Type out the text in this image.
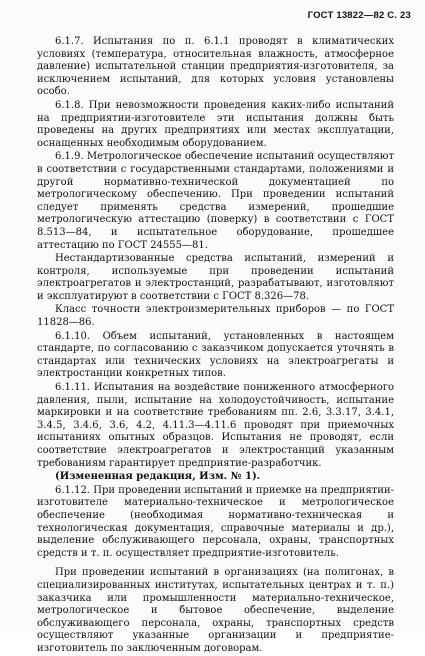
ГОСТ 13822—82 С. 23

6.1.7. Испытания по п. 6.1.1 проводят в климатических условиях (температура, относительная влажность, атмосферное давление) испытательной станции предприятия-изготовителя, за исключением испытаний, для которых условия установлены особо.

6.1.8. При невозможности проведения каких-либо испытаний на предприятии-изготовителе эти испытания должны быть проведены на других предприятиях или местах эксплуатации, оснащенных необходимым оборудованием.

6.1.9. Метрологическое обеспечение испытаний осуществляют в соответствии с государственными стандартами, положениями и другой нормативно-технической документацией по метрологическому обеспечению. При проведении испытаний следует применять средства измерений, прошедшие метрологическую аттестацию (поверку) в соответствии с ГОСТ 8.513—84, и испытательное оборудование, прошедшее аттестацию по ГОСТ 24555—81.

Нестандартизованные средства испытаний, измерений и контроля, используемые при проведении испытаний электроагрегатов и электростанций, разрабатывают, изготовляют и эксплуатируют в соответствии с ГОСТ 8.326—78.

Класс точности электроизмерительных приборов — по ГОСТ 11828—86.

6.1.10. Объем испытаний, установленных в настоящем стандарте, по согласованию с заказчиком допускается уточнять в стандартах или технических условиях на электроагрегаты и электростанции конкретных типов.

6.1.11. Испытания на воздействие пониженного атмосферного давления, пыли, испытание на холодоустойчивость, испытание маркировки и на соответствие требованиям пп. 2.6, 3.3.17, 3.4.1, 3.4.5, 3.4.6, 3.6, 4.2, 4.11.3—4.11.6 проводят при приемочных испытаниях опытных образцов. Испытания не проводят, если соответствие электроагрегатов и электростанций указанным требованиям гарантирует предприятие-разработчик.

(Измененная редакция, Изм. № 1).

6.1.12. При проведении испытаний и приемке на предприятии-изготовителе материально-техническое и метрологическое обеспечение (необходимая нормативно-техническая и технологическая документация, справочные материалы и др.), выделение обслуживающего персонала, охраны, транспортных средств и т. п. осуществляет предприятие-изготовитель.

При проведении испытаний в организациях (на полигонах, в специализированных институтах, испытательных центрах и т. п.) заказчика или промышленности материально-техническое, метрологическое и бытовое обеспечение, выделение обслуживающего персонала, охраны, транспортных средств осуществляют указанные организации и предприятие-изготовитель по заключенным договорам.
